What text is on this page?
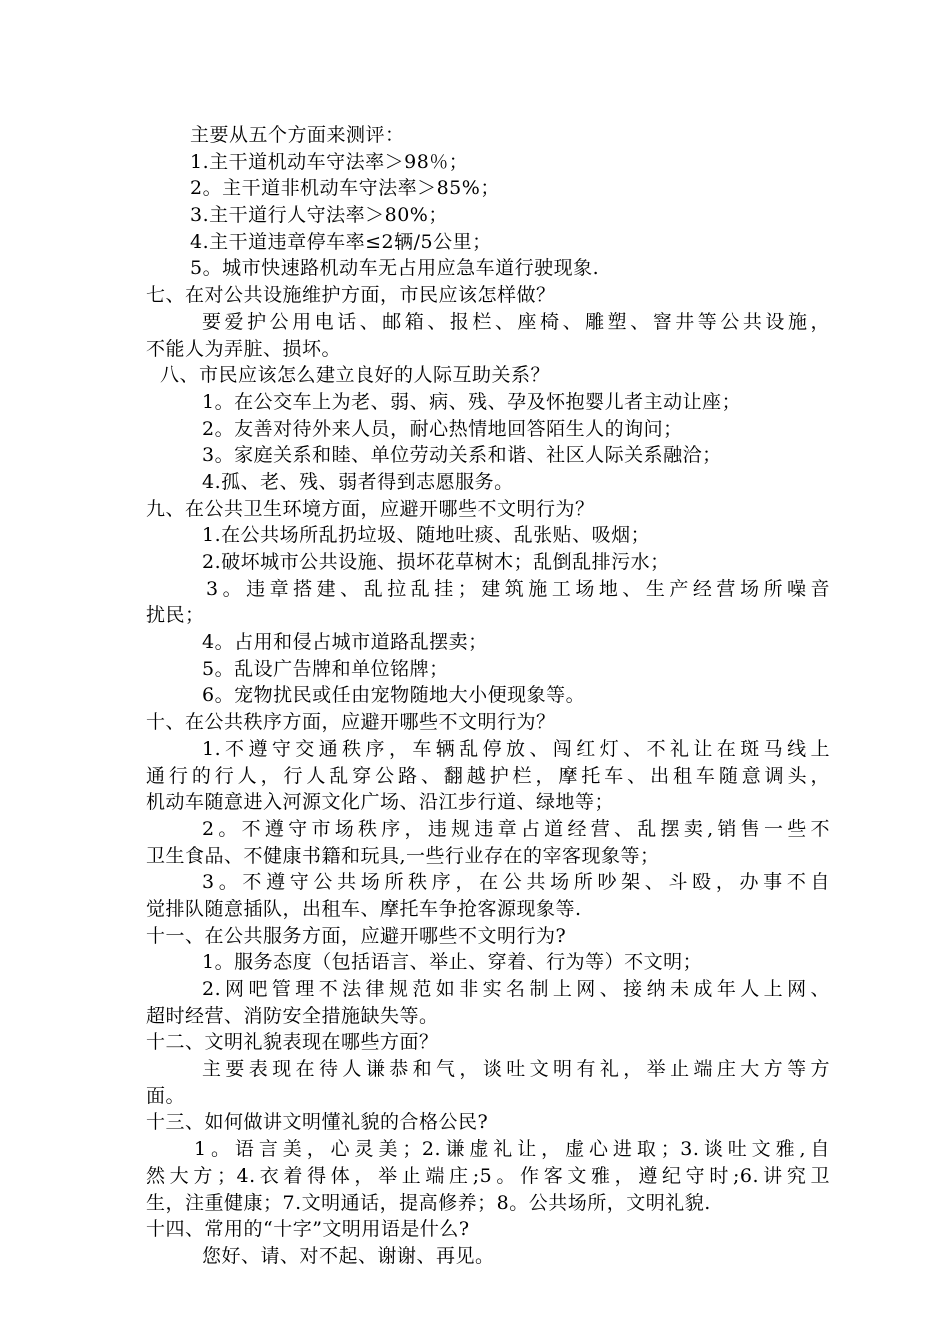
主要从五个方面来测评：
1.主干道机动车守法率＞98％；
2。主干道非机动车守法率＞85%；
3.主干道行人守法率＞80%；
4.主干道违章停车率≤2辆/5公里；
5。城市快速路机动车无占用应急车道行驶现象.
七、在对公共设施维护方面，市民应该怎样做？
要爱护公用电话、邮箱、报栏、座椅、雕塑、窨井等公共设施，
不能人为弄脏、损坏。
八、市民应该怎么建立良好的人际互助关系？
1。在公交车上为老、弱、病、残、孕及怀抱婴儿者主动让座；
2。友善对待外来人员，耐心热情地回答陌生人的询问；
3。家庭关系和睦、单位劳动关系和谐、社区人际关系融洽；
4.孤、老、残、弱者得到志愿服务。
九、在公共卫生环境方面，应避开哪些不文明行为？
1.在公共场所乱扔垃圾、随地吐痰、乱张贴、吸烟；
2.破坏城市公共设施、损坏花草树木；乱倒乱排污水；
3。违章搭建、乱拉乱挂；建筑施工场地、生产经营场所噪音
扰民；
4。占用和侵占城市道路乱摆卖；
5。乱设广告牌和单位铭牌；
6。宠物扰民或任由宠物随地大小便现象等。
十、在公共秩序方面，应避开哪些不文明行为？
1.不遵守交通秩序，车辆乱停放、闯红灯、不礼让在斑马线上
通行的行人，行人乱穿公路、翻越护栏，摩托车、出租车随意调头，
机动车随意进入河源文化广场、沿江步行道、绿地等；
2。不遵守市场秩序，违规违章占道经营、乱摆卖,销售一些不
卫生食品、不健康书籍和玩具,一些行业存在的宰客现象等；
3。不遵守公共场所秩序，在公共场所吵架、斗殴，办事不自
觉排队随意插队，出租车、摩托车争抢客源现象等.
十一、在公共服务方面，应避开哪些不文明行为?
1。服务态度（包括语言、举止、穿着、行为等）不文明；
2.网吧管理不法律规范如非实名制上网、接纳未成年人上网、
超时经营、消防安全措施缺失等。
十二、文明礼貌表现在哪些方面？
主要表现在待人谦恭和气，谈吐文明有礼，举止端庄大方等方
面。
十三、如何做讲文明懂礼貌的合格公民?
1。语言美，心灵美；2.谦虚礼让，虚心进取；3.谈吐文雅,自
然大方；4.衣着得体，举止端庄;5。作客文雅，遵纪守时;6.讲究卫
生，注重健康；7.文明通话，提高修养；8。公共场所，文明礼貌.
十四、常用的“十字”文明用语是什么?
您好、请、对不起、谢谢、再见。
